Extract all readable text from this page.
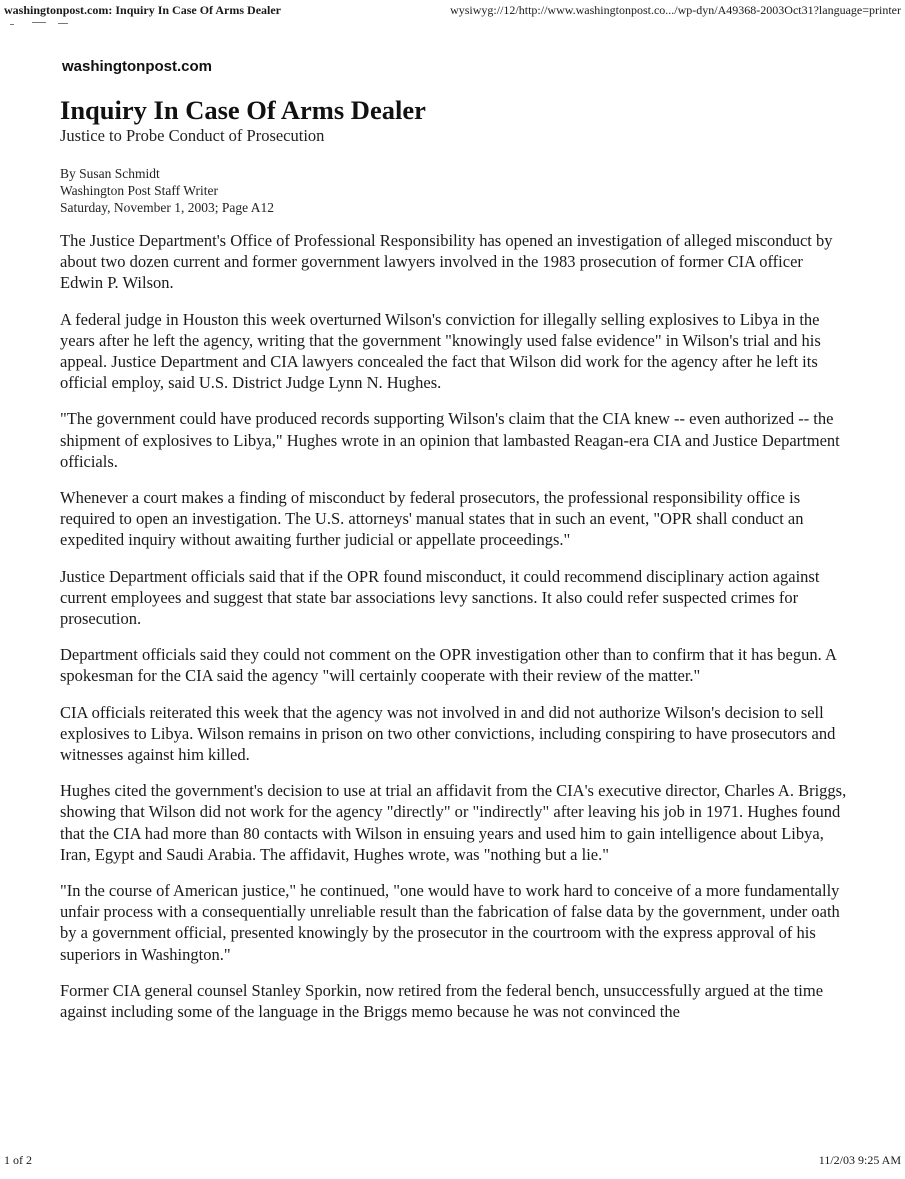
washingtonpost.com: Inquiry In Case Of Arms Dealer	wysiwyg://12/http://www.washingtonpost.co.../wp-dyn/A49368-2003Oct31?language=printer
washingtonpost.com
Inquiry In Case Of Arms Dealer
Justice to Probe Conduct of Prosecution
By Susan Schmidt
Washington Post Staff Writer
Saturday, November 1, 2003; Page A12

The Justice Department's Office of Professional Responsibility has opened an investigation of alleged misconduct by about two dozen current and former government lawyers involved in the 1983 prosecution of former CIA officer Edwin P. Wilson.

A federal judge in Houston this week overturned Wilson's conviction for illegally selling explosives to Libya in the years after he left the agency, writing that the government "knowingly used false evidence" in Wilson's trial and his appeal. Justice Department and CIA lawyers concealed the fact that Wilson did work for the agency after he left its official employ, said U.S. District Judge Lynn N. Hughes.

"The government could have produced records supporting Wilson's claim that the CIA knew -- even authorized -- the shipment of explosives to Libya," Hughes wrote in an opinion that lambasted Reagan-era CIA and Justice Department officials.

Whenever a court makes a finding of misconduct by federal prosecutors, the professional responsibility office is required to open an investigation. The U.S. attorneys' manual states that in such an event, "OPR shall conduct an expedited inquiry without awaiting further judicial or appellate proceedings."

Justice Department officials said that if the OPR found misconduct, it could recommend disciplinary action against current employees and suggest that state bar associations levy sanctions. It also could refer suspected crimes for prosecution.

Department officials said they could not comment on the OPR investigation other than to confirm that it has begun. A spokesman for the CIA said the agency "will certainly cooperate with their review of the matter."

CIA officials reiterated this week that the agency was not involved in and did not authorize Wilson's decision to sell explosives to Libya. Wilson remains in prison on two other convictions, including conspiring to have prosecutors and witnesses against him killed.

Hughes cited the government's decision to use at trial an affidavit from the CIA's executive director, Charles A. Briggs, showing that Wilson did not work for the agency "directly" or "indirectly" after leaving his job in 1971. Hughes found that the CIA had more than 80 contacts with Wilson in ensuing years and used him to gain intelligence about Libya, Iran, Egypt and Saudi Arabia. The affidavit, Hughes wrote, was "nothing but a lie."

"In the course of American justice," he continued, "one would have to work hard to conceive of a more fundamentally unfair process with a consequentially unreliable result than the fabrication of false data by the government, under oath by a government official, presented knowingly by the prosecutor in the courtroom with the express approval of his superiors in Washington."

Former CIA general counsel Stanley Sporkin, now retired from the federal bench, unsuccessfully argued at the time against including some of the language in the Briggs memo because he was not convinced the

1 of 2	11/2/03 9:25 AM
